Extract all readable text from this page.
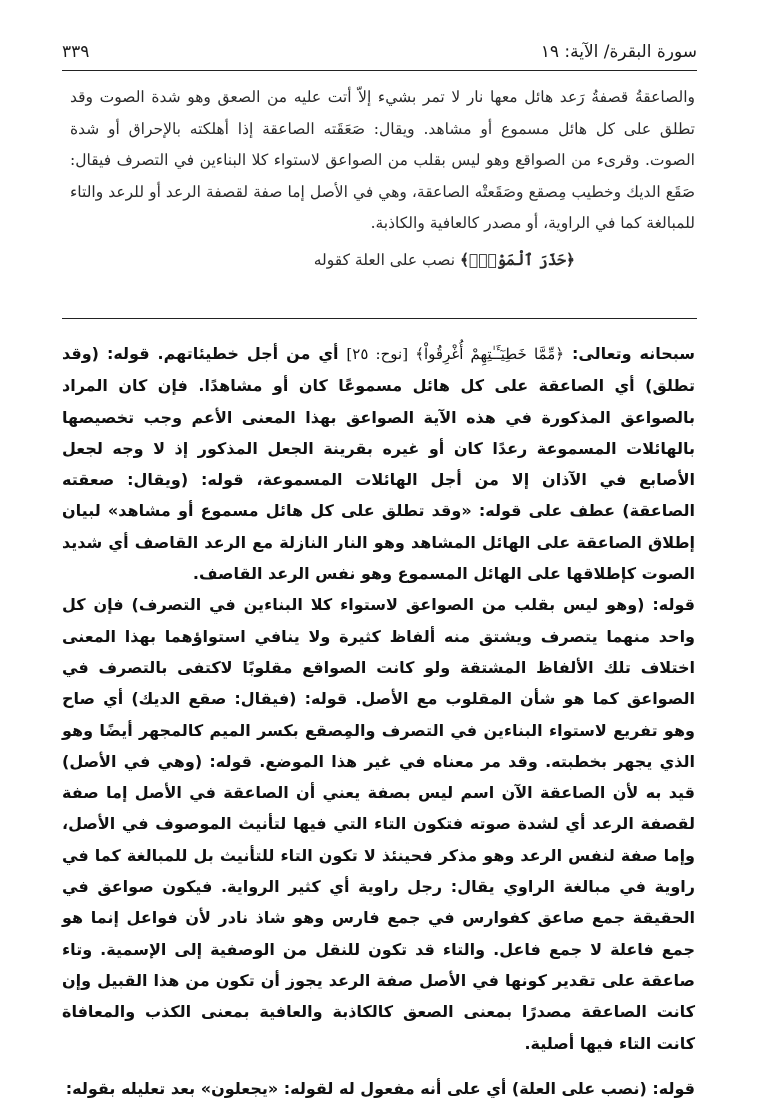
سورة البقرة/ الآية: ١٩
٣٣٩

والصاعقةُ قصفةُ رَعد هائل معها نار لا تمر بشيء إلاّ أتت عليه من الصعق وهو شدة الصوت وقد تطلق على كل هائل مسموع أو مشاهد. ويقال: صَعَقَته الصاعقة إذا أهلكته بالإحراق أو شدة الصوت. وقرىء من الصواقع وهو ليس بقلب من الصواعق لاستواء كلا البناءين في التصرف فيقال: صَقَع الديك وخطيب مِصقع وصَقَعتْه الصاعقة، وهي في الأصل إما صفة لقصفة الرعد أو للرعد والتاء للمبالغة كما في الراوية، أو مصدر كالعافية والكاذبة.

﴿حَذَرَ ٱلْمَوْتِۚ﴾ نصب على العلة كقوله

سبحانه وتعالى: ﴿مِّمَّا خَطِيٓـَٔـٰتِهِمْ أُغْرِقُواْ﴾ [نوح: ٢٥] أي من أجل خطيئاتهم. قوله: (وقد تطلق) أي الصاعقة على كل هائل مسموعًا كان أو مشاهدًا. فإن كان المراد بالصواعق المذكورة في هذه الآية الصواعق بهذا المعنى الأعم وجب تخصيصها بالهائلات المسموعة رعدًا كان أو غيره بقرينة الجعل المذكور إذ لا وجه لجعل الأصابع في الآذان إلا من أجل الهائلات المسموعة، قوله: (ويقال: صعقته الصاعقة) عطف على قوله: «وقد تطلق على كل هائل مسموع أو مشاهد» لبيان إطلاق الصاعقة على الهائل المشاهد وهو النار النازلة مع الرعد القاصف أي شديد الصوت كإطلاقها على الهائل المسموع وهو نفس الرعد القاصف.

قوله: (وهو ليس بقلب من الصواعق لاستواء كلا البناءين في التصرف) فإن كل واحد منهما يتصرف ويشتق منه ألفاظ كثيرة ولا ينافي استواؤهما بهذا المعنى اختلاف تلك الألفاظ المشتقة ولو كانت الصواقع مقلوبًا لاكتفى بالتصرف في الصواعق كما هو شأن المقلوب مع الأصل. قوله: (فيقال: صقع الديك) أي صاح وهو تفريع لاستواء البناءين في التصرف والمِصقع بكسر الميم كالمجهر أيضًا وهو الذي يجهر بخطبته. وقد مر معناه في غير هذا الموضع. قوله: (وهي في الأصل) قيد به لأن الصاعقة الآن اسم ليس بصفة يعني أن الصاعقة في الأصل إما صفة لقصفة الرعد أي لشدة صوته فتكون التاء التي فيها لتأنيث الموصوف في الأصل، وإما صفة لنفس الرعد وهو مذكر فحينئذ لا تكون التاء للتأنيث بل للمبالغة كما في راوية في مبالغة الراوي يقال: رجل راوية أي كثير الرواية. فيكون صواعق في الحقيقة جمع صاعق كفوارس في جمع فارس وهو شاذ نادر لأن فواعل إنما هو جمع فاعلة لا جمع فاعل. والتاء قد تكون للنقل من الوصفية إلى الإسمية. وتاء صاعقة على تقدير كونها في الأصل صفة الرعد يجوز أن تكون من هذا القبيل وإن كانت الصاعقة مصدرًا بمعنى الصعق كالكاذبة والعافية بمعنى الكذب والمعافاة كانت التاء فيها أصلية.

قوله: (نصب على العلة) أي على أنه مفعول له لقوله: «يجعلون» بعد تعليله بقوله:
